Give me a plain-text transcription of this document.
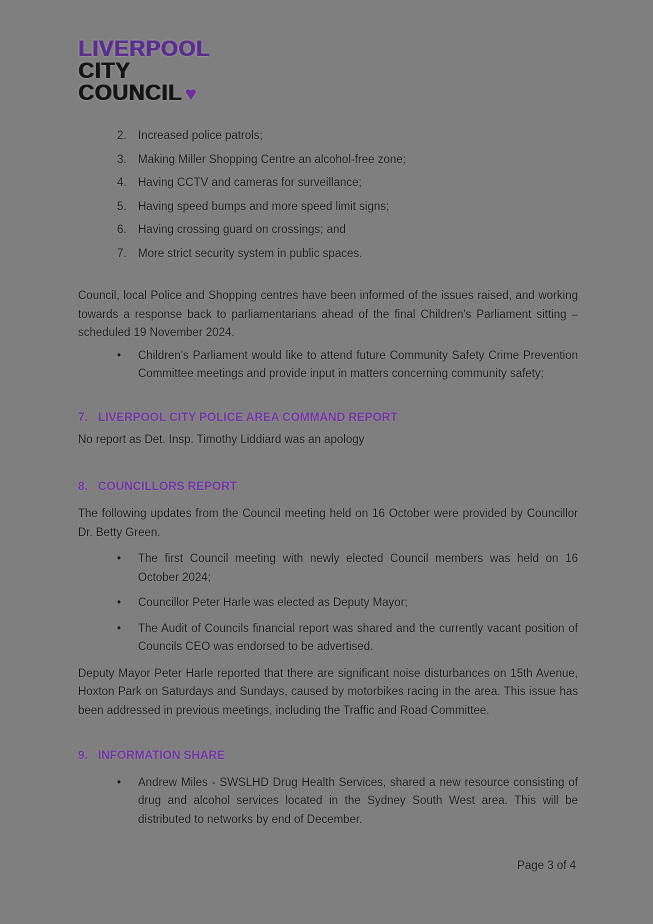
LIVERPOOL
CITY
COUNCIL ♥
2. Increased police patrols;
3. Making Miller Shopping Centre an alcohol-free zone;
4. Having CCTV and cameras for surveillance;
5. Having speed bumps and more speed limit signs;
6. Having crossing guard on crossings; and
7. More strict security system in public spaces.

Council, local Police and Shopping centres have been informed of the issues raised, and working towards a response back to parliamentarians ahead of the final Children's Parliament sitting – scheduled 19 November 2024.

•	Children's Parliament would like to attend future Community Safety Crime Prevention Committee meetings and provide input in matters concerning community safety;
7. LIVERPOOL CITY POLICE AREA COMMAND REPORT

No report as Det. Insp. Timothy Liddiard was an apology

8. COUNCILLORS REPORT

The following updates from the Council meeting held on 16 October were provided by Councillor Dr. Betty Green.

•	The first Council meeting with newly elected Council members was held on 16 October 2024;
•	Councillor Peter Harle was elected as Deputy Mayor;
•	The Audit of Councils financial report was shared and the currently vacant position of Councils CEO was endorsed to be advertised.

Deputy Mayor Peter Harle reported that there are significant noise disturbances on 15th Avenue, Hoxton Park on Saturdays and Sundays, caused by motorbikes racing in the area. This issue has been addressed in previous meetings, including the Traffic and Road Committee.

9. INFORMATION SHARE
•	Andrew Miles - SWSLHD Drug Health Services, shared a new resource consisting of drug and alcohol services located in the Sydney South West area. This will be distributed to networks by end of December.
Page 3 of 4
